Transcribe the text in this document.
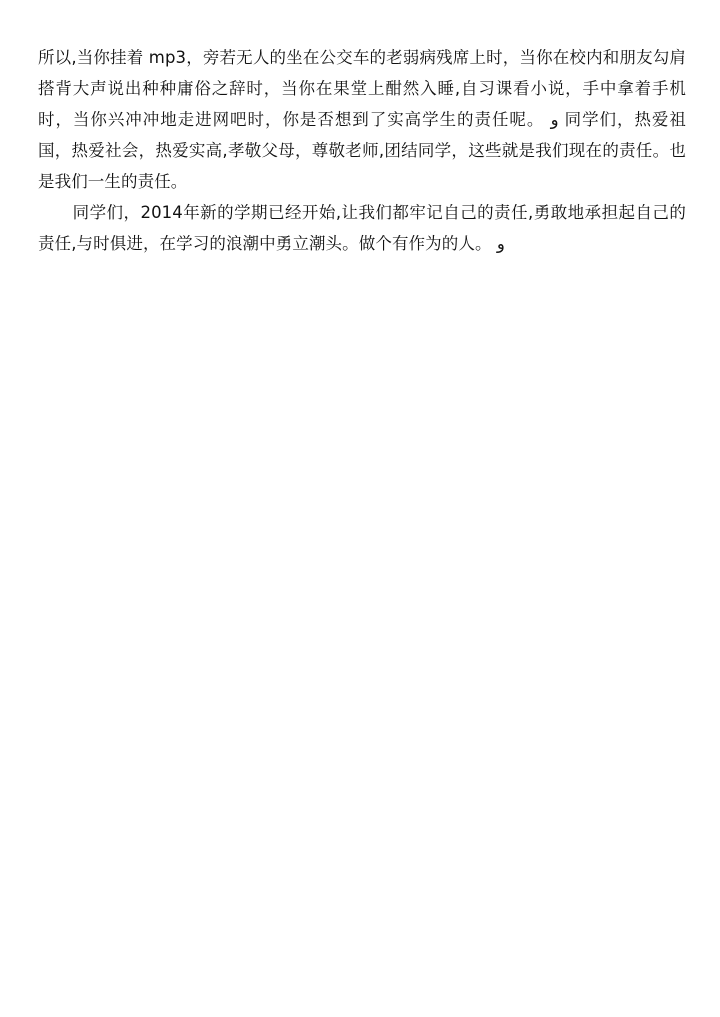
所以,当你挂着 mp3，旁若无人的坐在公交车的老弱病残席上时，当你在校内和朋友勾肩搭背大声说出种种庸俗之辞时，当你在果堂上酣然入睡,自习课看小说，手中拿着手机时，当你兴冲冲地走进网吧时，你是否想到了实高学生的责任呢。 ﻭ 同学们，热爱祖国，热爱社会，热爱实高,孝敬父母，尊敬老师,团结同学，这些就是我们现在的责任。也是我们一生的责任。

同学们，2014年新的学期已经开始,让我们都牢记自己的责任,勇敢地承担起自己的责任,与时俱进，在学习的浪潮中勇立潮头。做个有作为的人。 ﻭ
